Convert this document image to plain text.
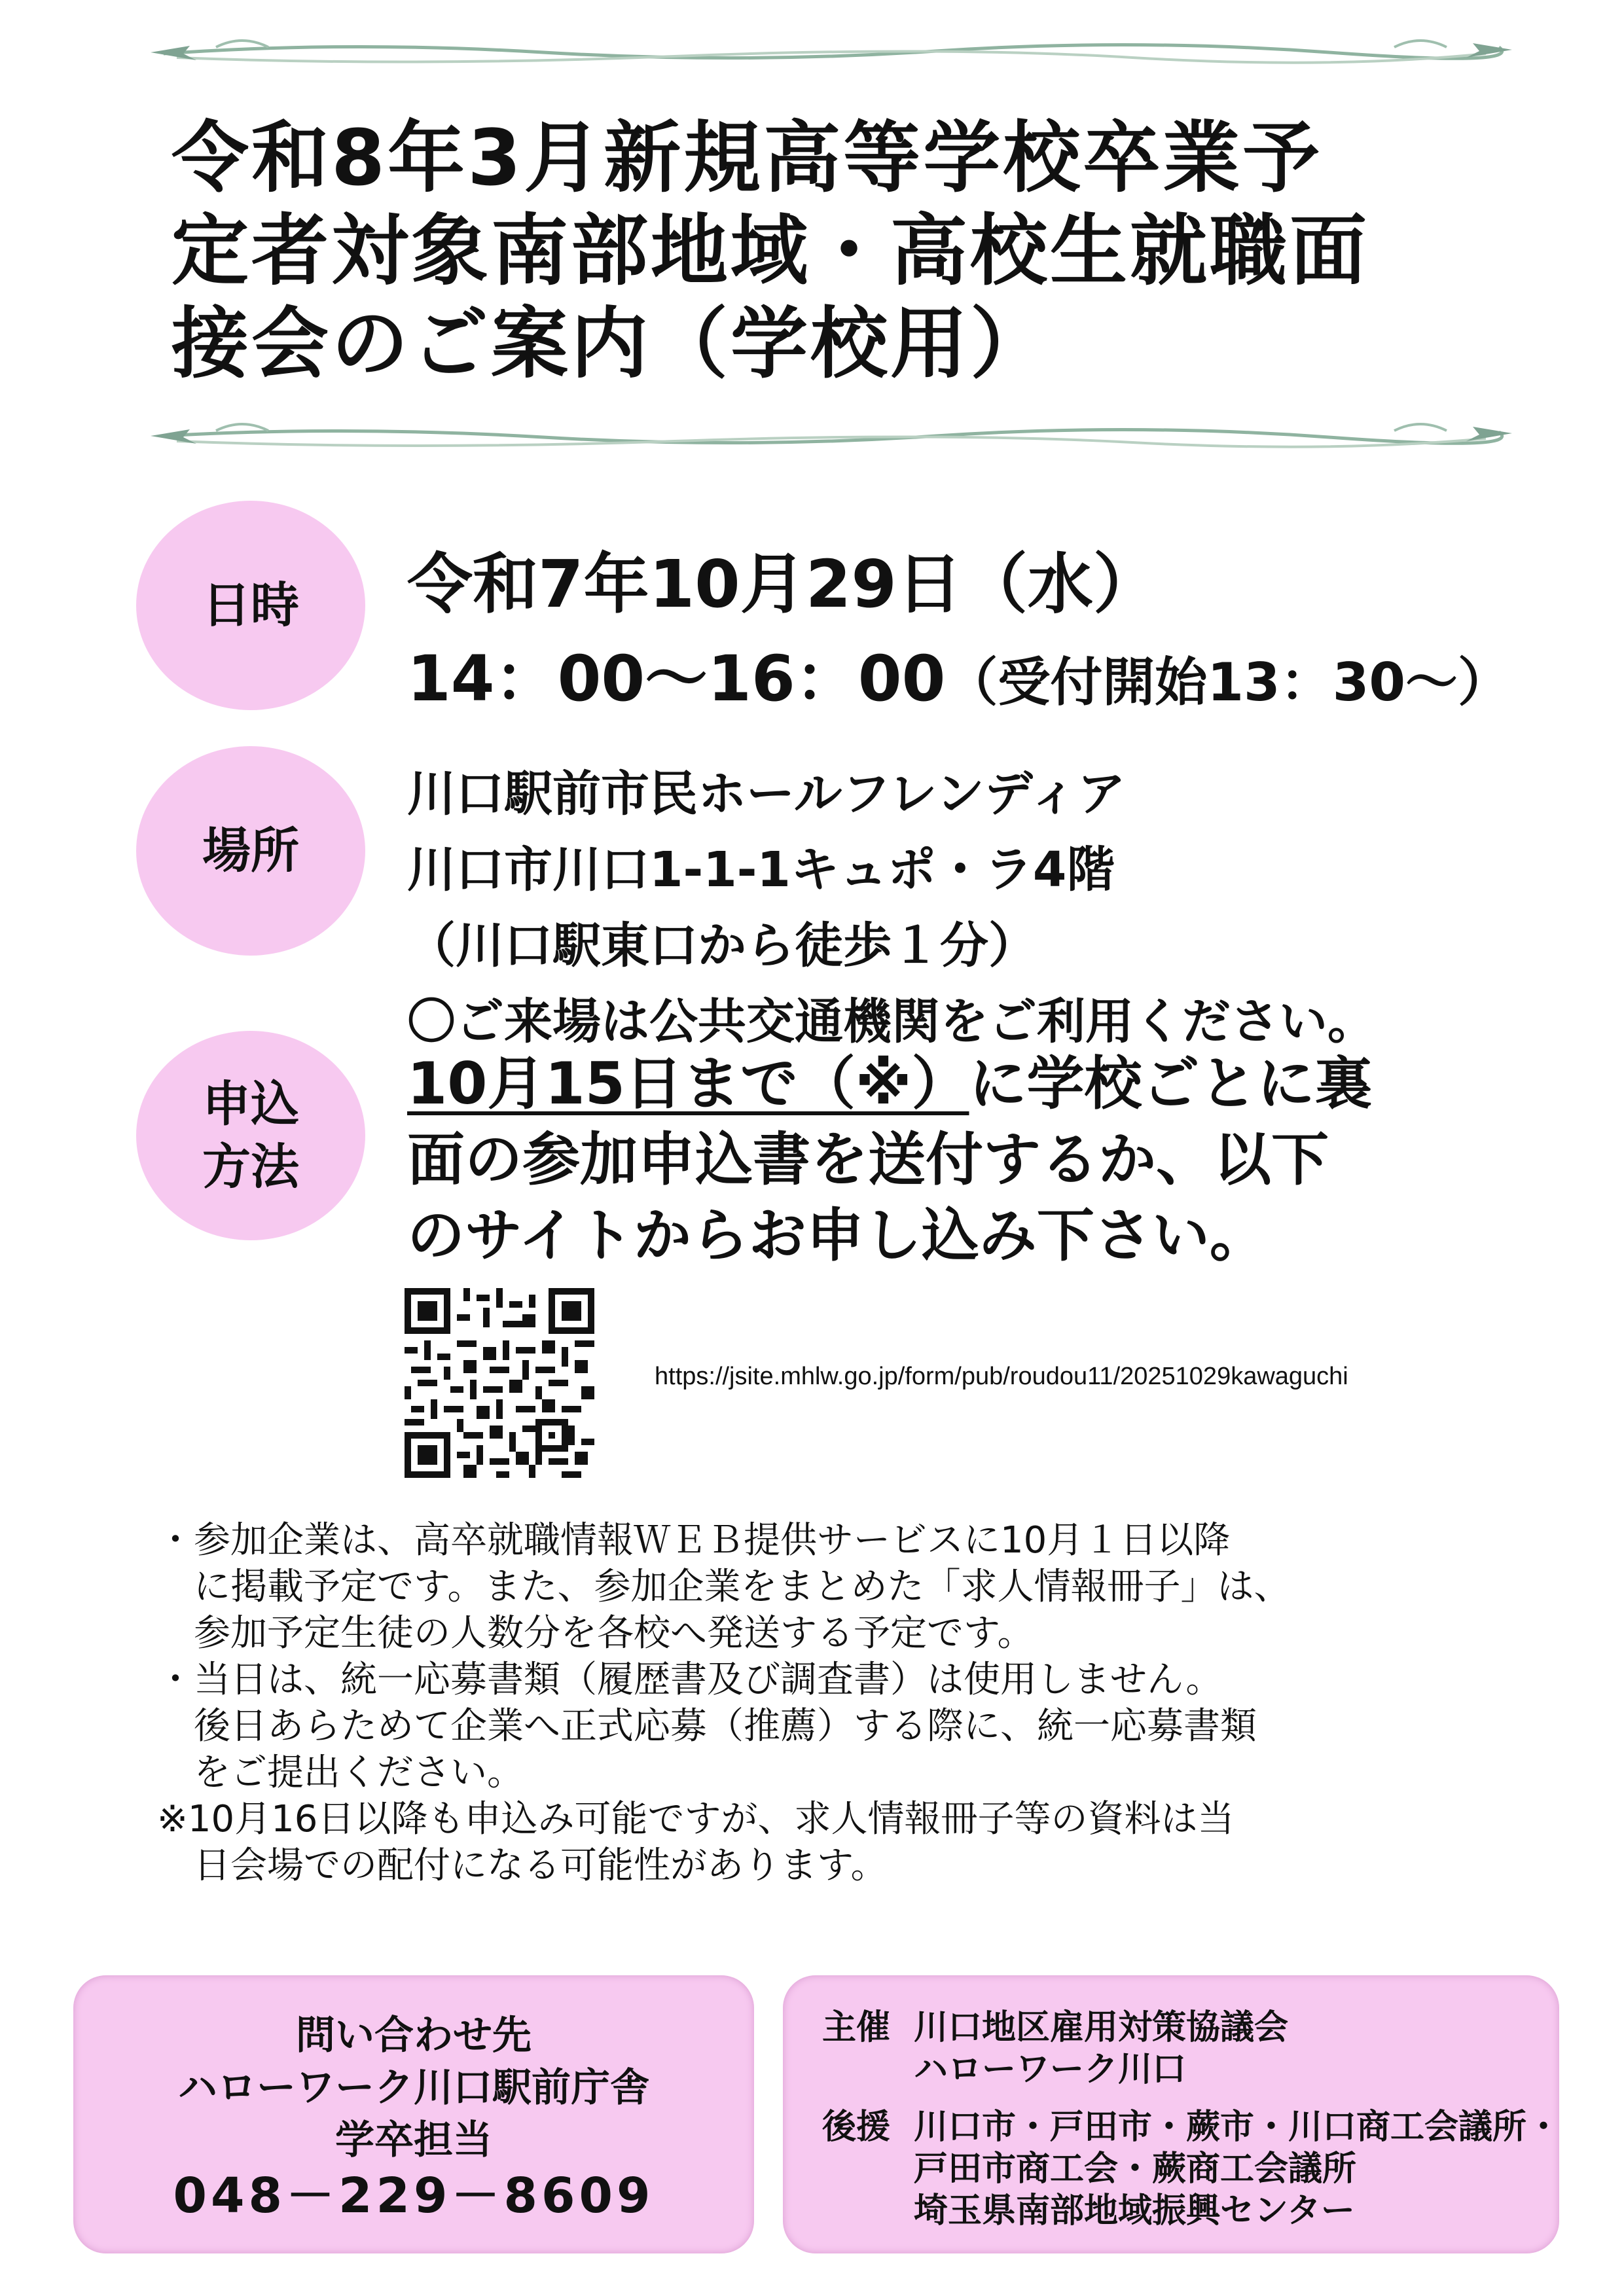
令和8年3月新規高等学校卒業予
定者対象南部地域・高校生就職面
接会のご案内（学校用）
日時 令和7年10月29日（水）
14：00〜16：00（受付開始13：30〜）
場所
川口駅前市民ホールフレンディア
川口市川口1-1-1キュポ・ラ4階
（川口駅東口から徒歩１分）
〇ご来場は公共交通機関をご利用ください。
申込
方法
10月15日まで（※）に学校ごとに裏
面の参加申込書を送付するか、以下
のサイトからお申し込み下さい。
https://jsite.mhlw.go.jp/form/pub/roudou11/20251029kawaguchi
・参加企業は、高卒就職情報ＷＥＢ提供サービスに10月１日以降
　に掲載予定です。また、参加企業をまとめた「求人情報冊子」は、
　参加予定生徒の人数分を各校へ発送する予定です。
・当日は、統一応募書類（履歴書及び調査書）は使用しません。
　後日あらためて企業へ正式応募（推薦）する際に、統一応募書類
　をご提出ください。
※10月16日以降も申込み可能ですが、求人情報冊子等の資料は当
　日会場での配付になる可能性があります。
問い合わせ先
ハローワーク川口駅前庁舎
学卒担当
048－229－8609
主催 川口地区雇用対策協議会
ハローワーク川口
後援 川口市・戸田市・蕨市・川口商工会議所・
戸田市商工会・蕨商工会議所
埼玉県南部地域振興センター
